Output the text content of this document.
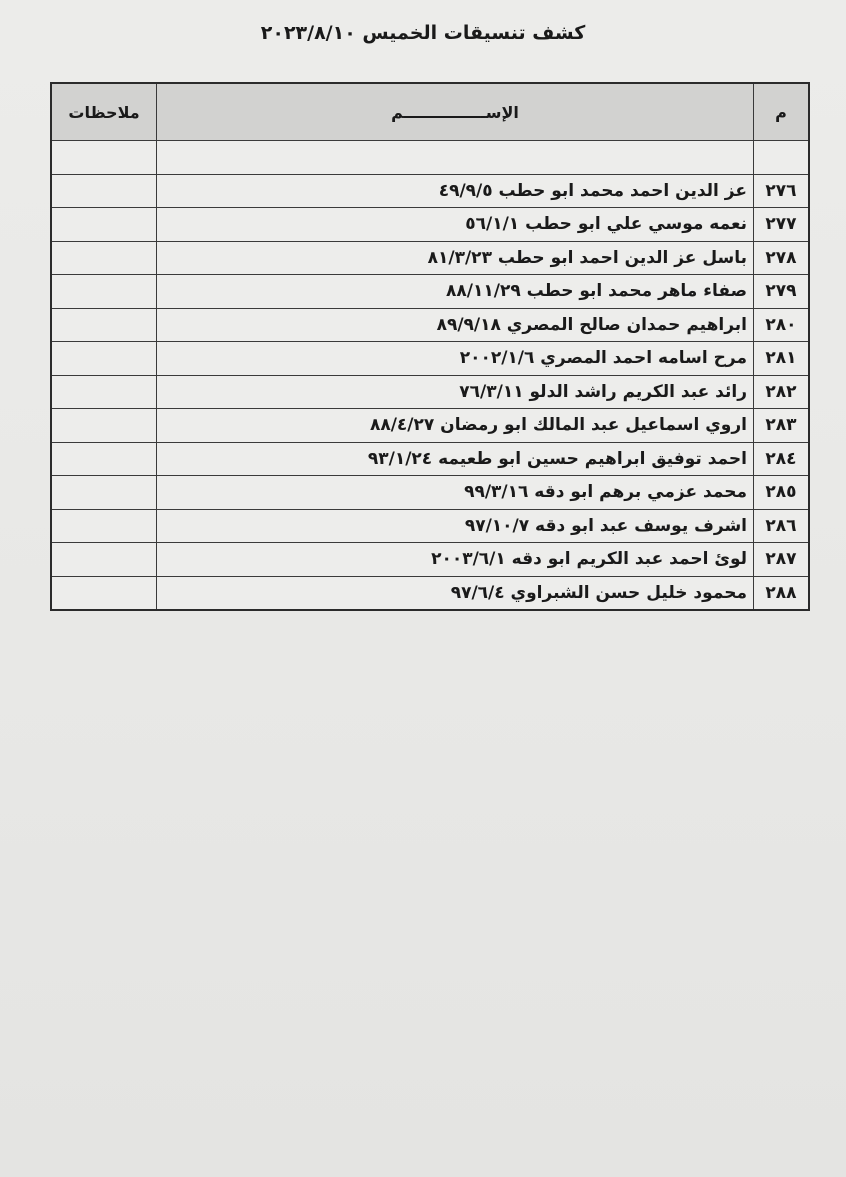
كشف تنسيقات الخميس ٢٠٢٣/٨/١٠
م	الإســـــــــــــــم	ملاحظات

٢٧٦	عز الدين احمد محمد ابو حطب ٤٩/٩/٥	
٢٧٧	نعمه موسي علي ابو حطب ٥٦/١/١	
٢٧٨	باسل عز الدين احمد ابو حطب ٨١/٣/٢٣	
٢٧٩	صفاء ماهر محمد ابو حطب ٨٨/١١/٢٩	
٢٨٠	ابراهيم حمدان صالح المصري ٨٩/٩/١٨	
٢٨١	مرح اسامه احمد المصري ٢٠٠٢/١/٦	
٢٨٢	رائد عبد الكريم راشد الدلو ٧٦/٣/١١	
٢٨٣	اروي اسماعيل عبد المالك ابو رمضان ٨٨/٤/٢٧	
٢٨٤	احمد توفيق ابراهيم حسين ابو طعيمه ٩٣/١/٢٤	
٢٨٥	محمد عزمي برهم ابو دقه ٩٩/٣/١٦	
٢٨٦	اشرف يوسف عبد ابو دقه ٩٧/١٠/٧	
٢٨٧	لوئ احمد عبد الكريم ابو دقه ٢٠٠٣/٦/١	
٢٨٨	محمود خليل حسن الشبراوي ٩٧/٦/٤	
